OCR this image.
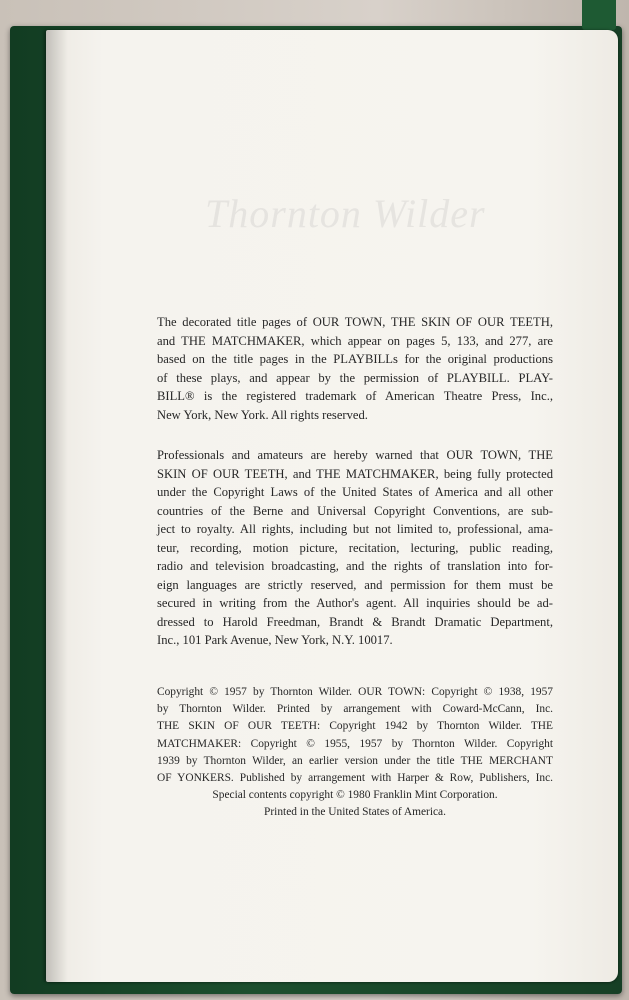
Thornton Wilder
The decorated title pages of OUR TOWN, THE SKIN OF OUR TEETH,
and THE MATCHMAKER, which appear on pages 5, 133, and 277, are
based on the title pages in the PLAYBILLs for the original productions
of these plays, and appear by the permission of PLAYBILL. PLAY-
BILL® is the registered trademark of American Theatre Press, Inc.,
New York, New York. All rights reserved.
Professionals and amateurs are hereby warned that OUR TOWN, THE
SKIN OF OUR TEETH, and THE MATCHMAKER, being fully protected
under the Copyright Laws of the United States of America and all other
countries of the Berne and Universal Copyright Conventions, are sub-
ject to royalty. All rights, including but not limited to, professional, ama-
teur, recording, motion picture, recitation, lecturing, public reading,
radio and television broadcasting, and the rights of translation into for-
eign languages are strictly reserved, and permission for them must be
secured in writing from the Author's agent. All inquiries should be ad-
dressed to Harold Freedman, Brandt & Brandt Dramatic Department,
Inc., 101 Park Avenue, New York, N.Y. 10017.
Copyright © 1957 by Thornton Wilder. OUR TOWN: Copyright © 1938, 1957
by Thornton Wilder. Printed by arrangement with Coward-McCann, Inc.
THE SKIN OF OUR TEETH: Copyright 1942 by Thornton Wilder. THE
MATCHMAKER: Copyright © 1955, 1957 by Thornton Wilder. Copyright
1939 by Thornton Wilder, an earlier version under the title THE MERCHANT
OF YONKERS. Published by arrangement with Harper & Row, Publishers, Inc.
Special contents copyright © 1980 Franklin Mint Corporation.
Printed in the United States of America.
